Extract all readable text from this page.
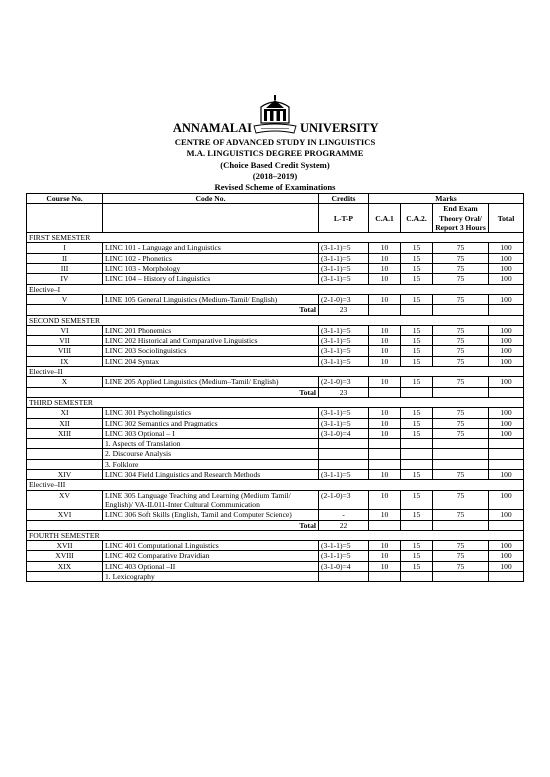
ANNAMALAI	UNIVERSITY
CENTRE OF ADVANCED STUDY IN LINGUISTICS
M.A. LINGUISTICS DEGREE PROGRAMME
(Choice Based Credit System)
(2018–2019)
Revised Scheme of Examinations
Course No.	Code No.	Credits	Marks			
		L-T-P	C.A.1	C.A.2.	End Exam Theory Oral/ Report 3 Hours	Total
FIRST SEMESTER						
I	LINC 101 - Language and Linguistics	(3-1-1)=5	10	15	75	100
II	LINC 102 - Phonetics	(3-1-1)=5	10	15	75	100
III	LINC 103 - Morphology	(3-1-1)=5	10	15	75	100
IV	LINC 104 – History of Linguistics	(3-1-1)=5	10	15	75	100
Elective–I						
V	LINE 105 General Linguistics (Medium-Tamil/ English)	(2-1-0)=3	10	15	75	100
Total		23				
SECOND SEMESTER						
VI	LINC 201 Phonemics	(3-1-1)=5	10	15	75	100
VII	LINC 202 Historical and Comparative Linguistics	(3-1-1)=5	10	15	75	100
VIII	LINC 203 Sociolinguistics	(3-1-1)=5	10	15	75	100
IX	LINC 204 Syntax	(3-1-1)=5	10	15	75	100
Elective–II						
X	LINE 205 Applied Linguistics (Medium–Tamil/ English)	(2-1-0)=3	10	15	75	100
Total		23				
THIRD SEMESTER						
XI	LINC 301 Psycholinguistics	(3-1-1)=5	10	15	75	100
XII	LINC 302 Semantics and Pragmatics	(3-1-1)=5	10	15	75	100
XIII	LINC 303 Optional – I	(3-1-0)=4	10	15	75	100
	1. Aspects of Translation					
	2. Discourse Analysis					
	3. Folklore					
XIV	LINC 304 Field Linguistics and Research Methods	(3-1-1)=5	10	15	75	100
Elective–III						
XV	LINE 305 Language Teaching and Learning (Medium Tamil/ English)/ VA-IL011-Inter Cultural Communication	(2-1-0)=3	10	15	75	100
XVI	LINC 306 Soft Skills (English, Tamil and Computer Science)	-	10	15	75	100
Total		22				
FOURTH SEMESTER						
XVII	LINC 401 Computational Linguistics	(3-1-1)=5	10	15	75	100
XVIII	LINC 402 Comparative Dravidian	(3-1-1)=5	10	15	75	100
XIX	LINC 403 Optional –II	(3-1-0)=4	10	15	75	100
	1. Lexicography					
